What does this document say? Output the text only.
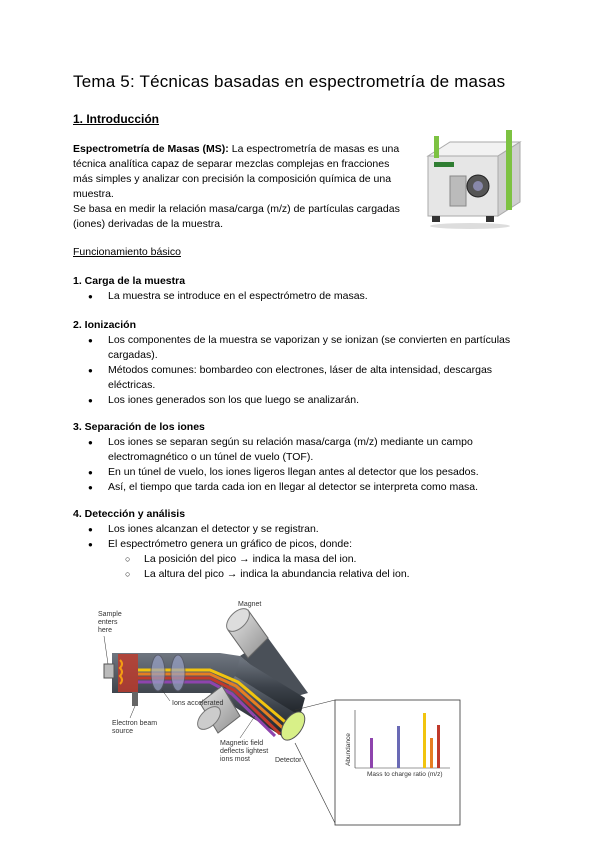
Tema 5: Técnicas basadas en espectrometría de masas
1. Introducción
Espectrometría de Masas (MS): La espectrometría de masas es una técnica analítica capaz de separar mezclas complejas en fracciones más simples y analizar con precisión la composición química de una muestra.
Se basa en medir la relación masa/carga (m/z) de partículas cargadas (iones) derivadas de la muestra.
Funcionamiento básico
1. Carga de la muestra
● La muestra se introduce en el espectrómetro de masas.
2. Ionización
● Los componentes de la muestra se vaporizan y se ionizan (se convierten en partículas cargadas).
● Métodos comunes: bombardeo con electrones, láser de alta intensidad, descargas eléctricas.
● Los iones generados son los que luego se analizarán.
3. Separación de los iones
● Los iones se separan según su relación masa/carga (m/z) mediante un campo electromagnético o un túnel de vuelo (TOF).
● En un túnel de vuelo, los iones ligeros llegan antes al detector que los pesados.
● Así, el tiempo que tarda cada ion en llegar al detector se interpreta como masa.
4. Detección y análisis
● Los iones alcanzan el detector y se registran.
● El espectrómetro genera un gráfico de picos, donde:
○ La posición del pico → indica la masa del ion.
○ La altura del pico → indica la abundancia relativa del ion.
Sample
enters
here
Magnet
Ions accelerated
Electron beam
source
Magnetic field
deflects lightest
ions most	Detector	Abundance
Mass to charge ratio (m/z)
